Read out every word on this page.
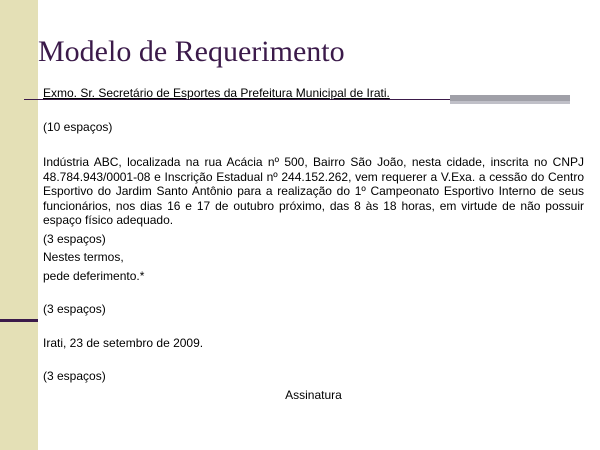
Modelo de Requerimento

Exmo. Sr. Secretário de Esportes da Prefeitura Municipal de Irati.

(10 espaços)

Indústria ABC, localizada na rua Acácia nº 500, Bairro São João, nesta cidade, inscrita no CNPJ 48.784.943/0001-08 e Inscrição Estadual nº 244.152.262, vem requerer a V.Exa. a cessão do Centro Esportivo do Jardim Santo Antônio para a realização do 1º Campeonato Esportivo Interno de seus funcionários, nos dias 16 e 17 de outubro próximo, das 8 às 18 horas, em virtude de não possuir espaço físico adequado.

(3 espaços)

Nestes termos,

pede deferimento.*

(3 espaços)

Irati, 23 de setembro de 2009.

(3 espaços)

Assinatura
